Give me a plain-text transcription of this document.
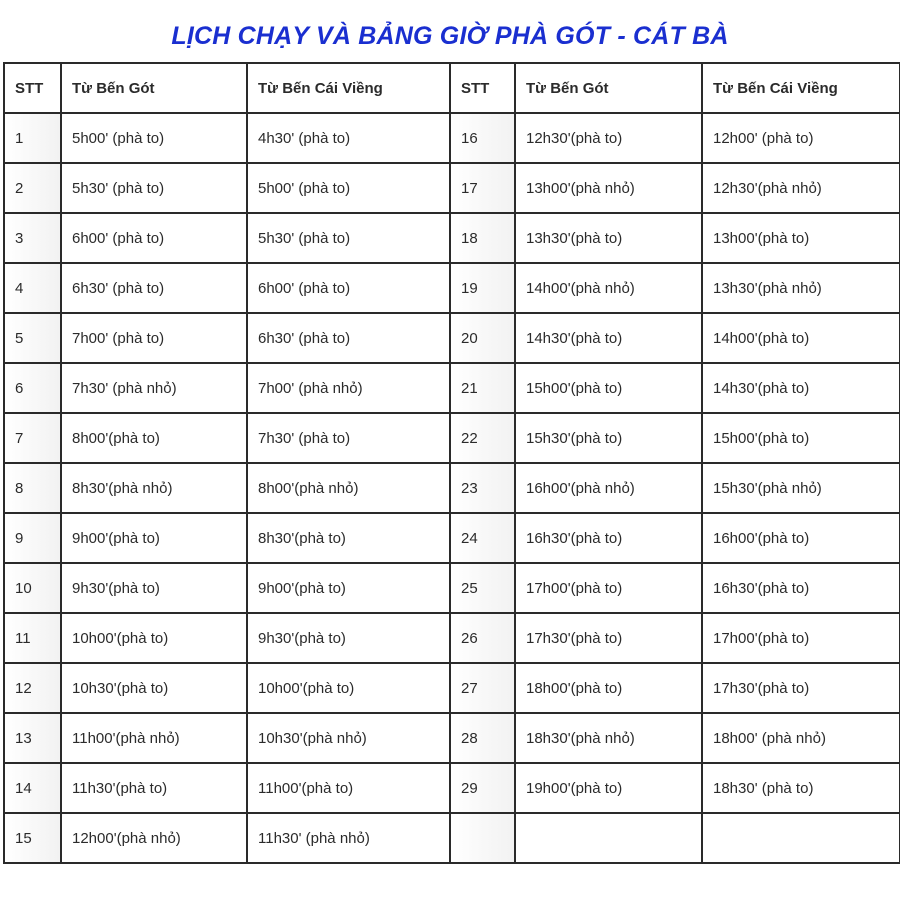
LỊCH CHẠY VÀ BẢNG GIỜ PHÀ GÓT - CÁT BÀ
STT	Từ Bến Gót	Từ Bến Cái Viềng	STT	Từ Bến Gót	Từ Bến Cái Viềng
1	5h00' (phà to)	4h30' (phà to)	16	12h30'(phà to)	12h00' (phà to)
2	5h30' (phà to)	5h00' (phà to)	17	13h00'(phà nhỏ)	12h30'(phà nhỏ)
3	6h00' (phà to)	5h30' (phà to)	18	13h30'(phà to)	13h00'(phà to)
4	6h30' (phà to)	6h00' (phà to)	19	14h00'(phà nhỏ)	13h30'(phà nhỏ)
5	7h00' (phà to)	6h30' (phà to)	20	14h30'(phà to)	14h00'(phà to)
6	7h30' (phà nhỏ)	7h00' (phà nhỏ)	21	15h00'(phà to)	14h30'(phà to)
7	8h00'(phà to)	7h30' (phà to)	22	15h30'(phà to)	15h00'(phà to)
8	8h30'(phà nhỏ)	8h00'(phà nhỏ)	23	16h00'(phà nhỏ)	15h30'(phà nhỏ)
9	9h00'(phà to)	8h30'(phà to)	24	16h30'(phà to)	16h00'(phà to)
10	9h30'(phà to)	9h00'(phà to)	25	17h00'(phà to)	16h30'(phà to)
11	10h00'(phà to)	9h30'(phà to)	26	17h30'(phà to)	17h00'(phà to)
12	10h30'(phà to)	10h00'(phà to)	27	18h00'(phà to)	17h30'(phà to)
13	11h00'(phà nhỏ)	10h30'(phà nhỏ)	28	18h30'(phà nhỏ)	18h00' (phà nhỏ)
14	11h30'(phà to)	11h00'(phà to)	29	19h00'(phà to)	18h30' (phà to)
15	12h00'(phà nhỏ)	11h30' (phà nhỏ)			
